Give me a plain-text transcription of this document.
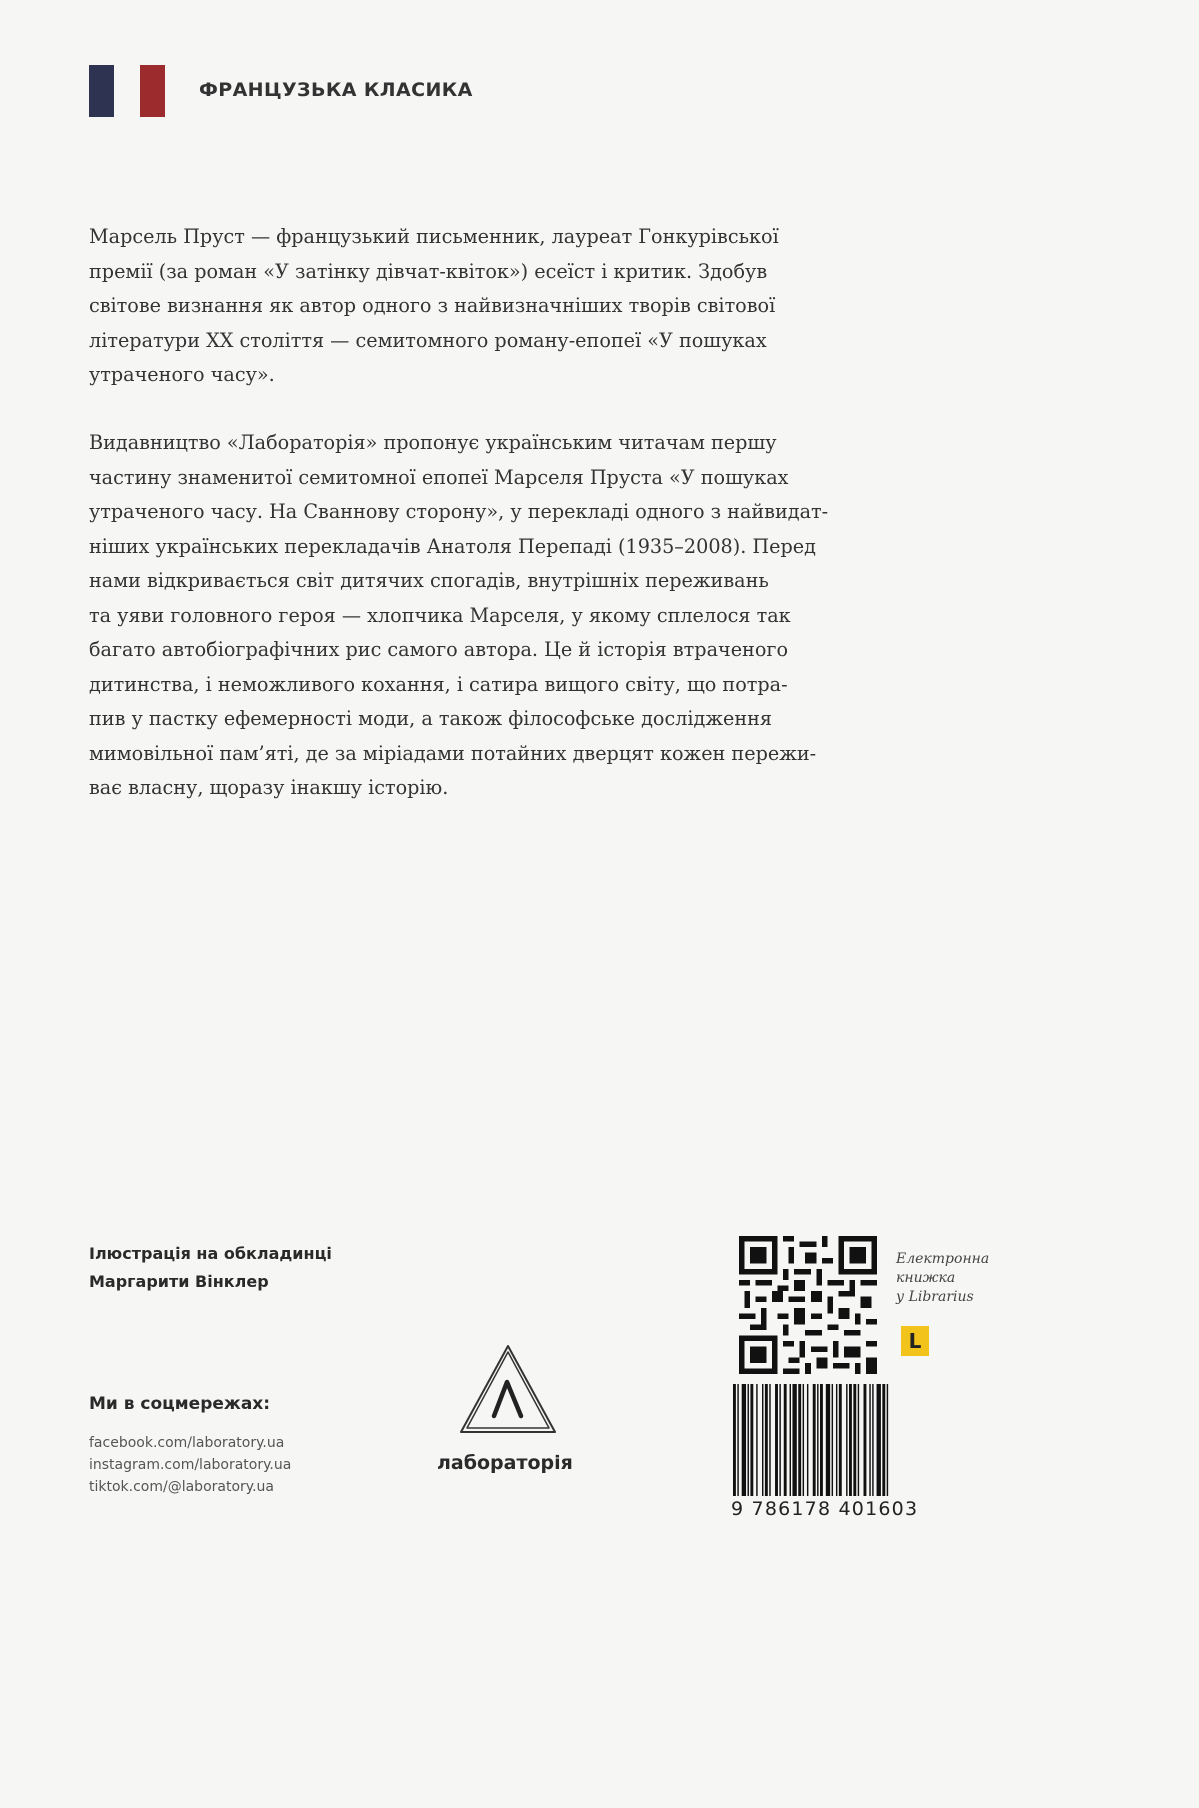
ФРАНЦУЗЬКА КЛАСИКА
Марсель Пруст — французький письменник, лауреат Гонкурівської
премії (за роман «У затінку дівчат-квіток») есеїст і критик. Здобув
світове визнання як автор одного з найвизначніших творів світової
літератури XX століття — семитомного роману-епопеї «У пошуках
утраченого часу».
Видавництво «Лабораторія» пропонує українським читачам першу
частину знаменитої семитомної епопеї Марселя Пруста «У пошуках
утраченого часу. На Сваннову сторону», у перекладі одного з найвидат-
ніших українських перекладачів Анатоля Перепаді (1935–2008). Перед
нами відкривається світ дитячих спогадів, внутрішніх переживань
та уяви головного героя — хлопчика Марселя, у якому сплелося так
багато автобіографічних рис самого автора. Це й історія втраченого
дитинства, і неможливого кохання, і сатира вищого світу, що потра-
пив у пастку ефемерності моди, а також філософське дослідження
мимовільної пам’яті, де за міріадами потайних дверцят кожен пережи-
ває власну, щоразу інакшу історію.
Ілюстрація на обкладинці
Маргарити Вінклер
Ми в соцмережах:
facebook.com/laboratory.ua
instagram.com/laboratory.ua
tiktok.com/@laboratory.ua
лабораторія
Електронна
книжка
у Librarius
L
9 786178 401603
